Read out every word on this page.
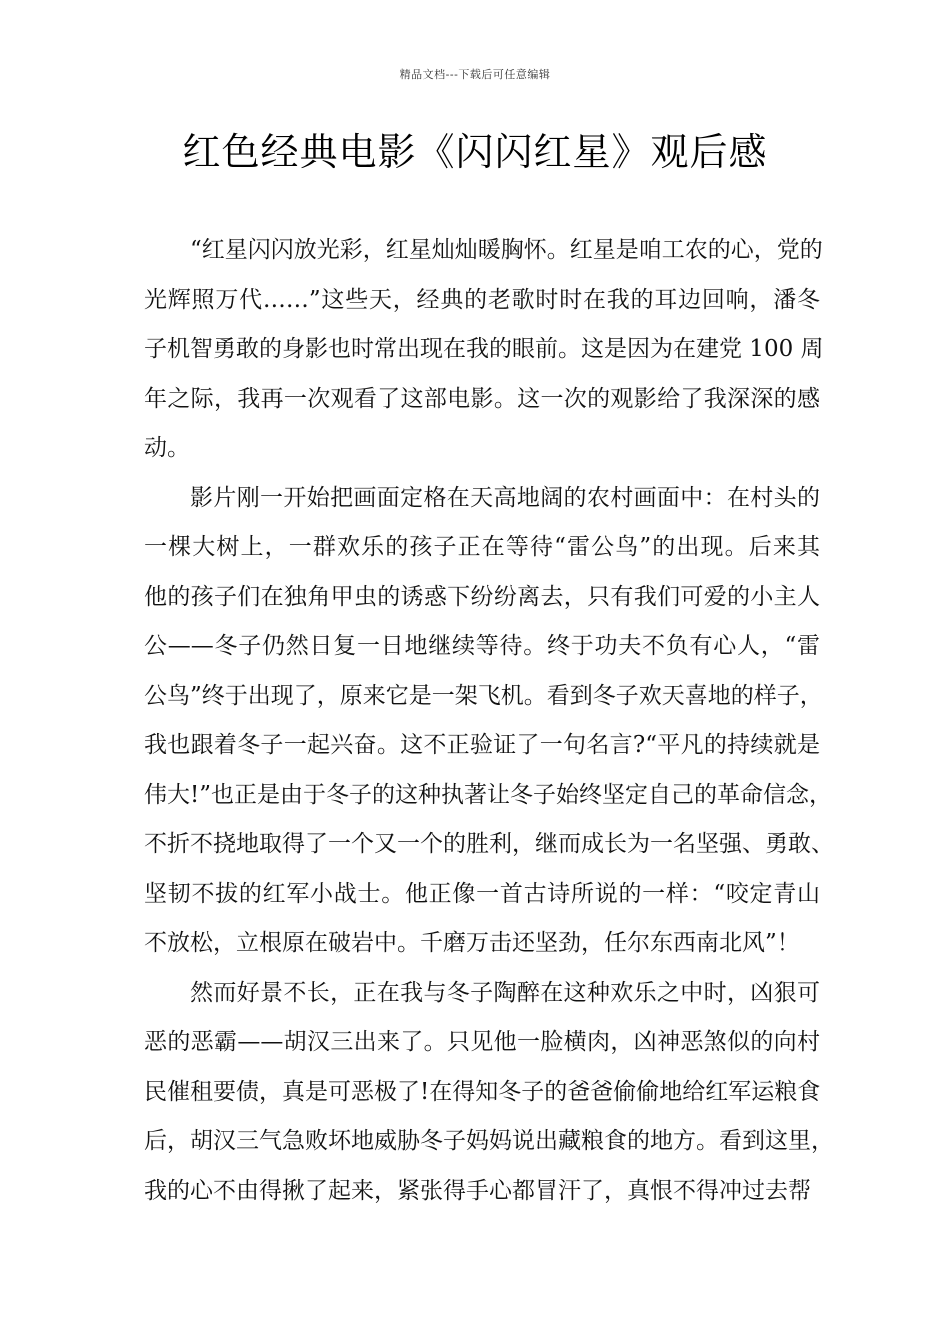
精品文档---下载后可任意编辑
红色经典电影《闪闪红星》观后感
“红星闪闪放光彩，红星灿灿暖胸怀。红星是咱工农的心，党的
光辉照万代……”这些天，经典的老歌时时在我的耳边回响，潘冬
子机智勇敢的身影也时常出现在我的眼前。这是因为在建党 100 周
年之际，我再一次观看了这部电影。这一次的观影给了我深深的感
动。
影片刚一开始把画面定格在天高地阔的农村画面中：在村头的
一棵大树上，一群欢乐的孩子正在等待“雷公鸟”的出现。后来其
他的孩子们在独角甲虫的诱惑下纷纷离去，只有我们可爱的小主人
公——冬子仍然日复一日地继续等待。终于功夫不负有心人，“雷
公鸟”终于出现了，原来它是一架飞机。看到冬子欢天喜地的样子，
我也跟着冬子一起兴奋。这不正验证了一句名言?“平凡的持续就是
伟大!”也正是由于冬子的这种执著让冬子始终坚定自己的革命信念，
不折不挠地取得了一个又一个的胜利，继而成长为一名坚强、勇敢、
坚韧不拔的红军小战士。他正像一首古诗所说的一样：“咬定青山
不放松，立根原在破岩中。千磨万击还坚劲，任尔东西南北风”！
然而好景不长，正在我与冬子陶醉在这种欢乐之中时，凶狠可
恶的恶霸——胡汉三出来了。只见他一脸横肉，凶神恶煞似的向村
民催租要债，真是可恶极了!在得知冬子的爸爸偷偷地给红军运粮食
后，胡汉三气急败坏地威胁冬子妈妈说出藏粮食的地方。看到这里，
我的心不由得揪了起来，紧张得手心都冒汗了，真恨不得冲过去帮
